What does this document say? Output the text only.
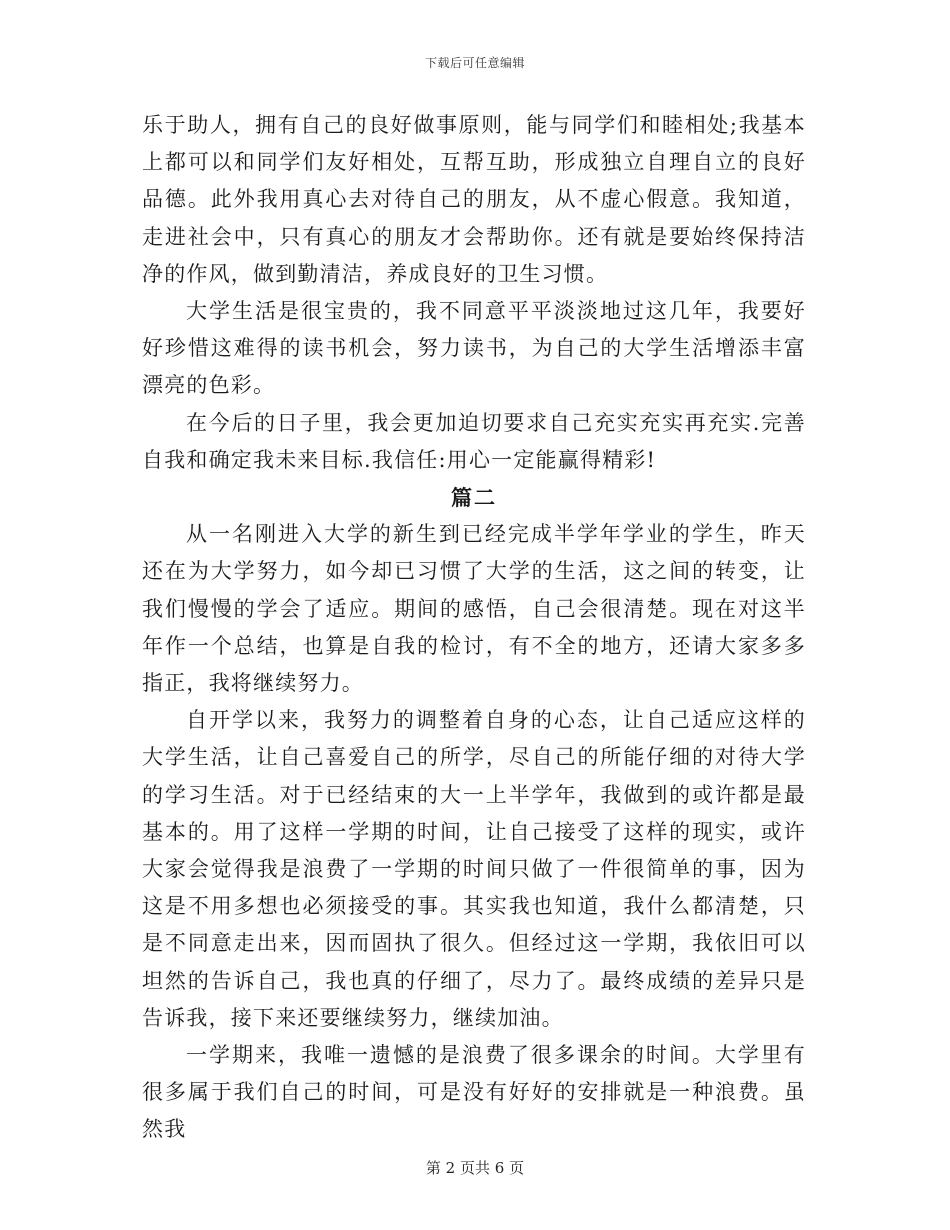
下载后可任意编辑

乐于助人，拥有自己的良好做事原则，能与同学们和睦相处;我基本上都可以和同学们友好相处，互帮互助，形成独立自理自立的良好品德。此外我用真心去对待自己的朋友，从不虚心假意。我知道，走进社会中，只有真心的朋友才会帮助你。还有就是要始终保持洁净的作风，做到勤清洁，养成良好的卫生习惯。

大学生活是很宝贵的，我不同意平平淡淡地过这几年，我要好好珍惜这难得的读书机会，努力读书，为自己的大学生活增添丰富漂亮的色彩。

在今后的日子里，我会更加迫切要求自己充实充实再充实.完善自我和确定我未来目标.我信任:用心一定能赢得精彩!

篇二

从一名刚进入大学的新生到已经完成半学年学业的学生，昨天还在为大学努力，如今却已习惯了大学的生活，这之间的转变，让我们慢慢的学会了适应。期间的感悟，自己会很清楚。现在对这半年作一个总结，也算是自我的检讨，有不全的地方，还请大家多多指正，我将继续努力。

自开学以来，我努力的调整着自身的心态，让自己适应这样的大学生活，让自己喜爱自己的所学，尽自己的所能仔细的对待大学的学习生活。对于已经结束的大一上半学年，我做到的或许都是最基本的。用了这样一学期的时间，让自己接受了这样的现实，或许大家会觉得我是浪费了一学期的时间只做了一件很简单的事，因为这是不用多想也必须接受的事。其实我也知道，我什么都清楚，只是不同意走出来，因而固执了很久。但经过这一学期，我依旧可以坦然的告诉自己，我也真的仔细了，尽力了。最终成绩的差异只是告诉我，接下来还要继续努力，继续加油。

一学期来，我唯一遗憾的是浪费了很多课余的时间。大学里有很多属于我们自己的时间，可是没有好好的安排就是一种浪费。虽然我

第 2 页共 6 页
